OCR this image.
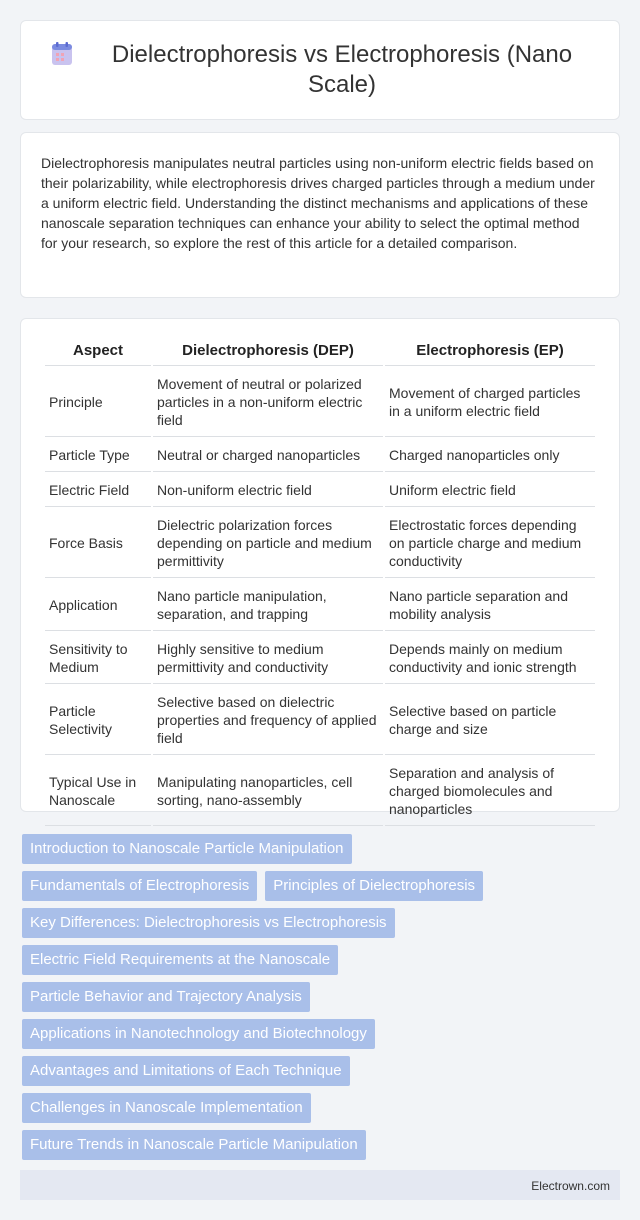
Dielectrophoresis vs Electrophoresis (Nano Scale)

Dielectrophoresis manipulates neutral particles using non-uniform electric fields based on their polarizability, while electrophoresis drives charged particles through a medium under a uniform electric field. Understanding the distinct mechanisms and applications of these nanoscale separation techniques can enhance your ability to select the optimal method for your research, so explore the rest of this article for a detailed comparison.

Aspect	Dielectrophoresis (DEP)	Electrophoresis (EP)
Principle	Movement of neutral or polarized particles in a non-uniform electric field	Movement of charged particles in a uniform electric field
Particle Type	Neutral or charged nanoparticles	Charged nanoparticles only
Electric Field	Non-uniform electric field	Uniform electric field
Force Basis	Dielectric polarization forces depending on particle and medium permittivity	Electrostatic forces depending on particle charge and medium conductivity
Application	Nano particle manipulation, separation, and trapping	Nano particle separation and mobility analysis
Sensitivity to Medium	Highly sensitive to medium permittivity and conductivity	Depends mainly on medium conductivity and ionic strength
Particle Selectivity	Selective based on dielectric properties and frequency of applied field	Selective based on particle charge and size
Typical Use in Nanoscale	Manipulating nanoparticles, cell sorting, nano-assembly	Separation and analysis of charged biomolecules and nanoparticles
Introduction to Nanoscale Particle Manipulation
Fundamentals of Electrophoresis	Principles of Dielectrophoresis
Key Differences: Dielectrophoresis vs Electrophoresis
Electric Field Requirements at the Nanoscale
Particle Behavior and Trajectory Analysis
Applications in Nanotechnology and Biotechnology
Advantages and Limitations of Each Technique
Challenges in Nanoscale Implementation
Future Trends in Nanoscale Particle Manipulation
Electrown.com
